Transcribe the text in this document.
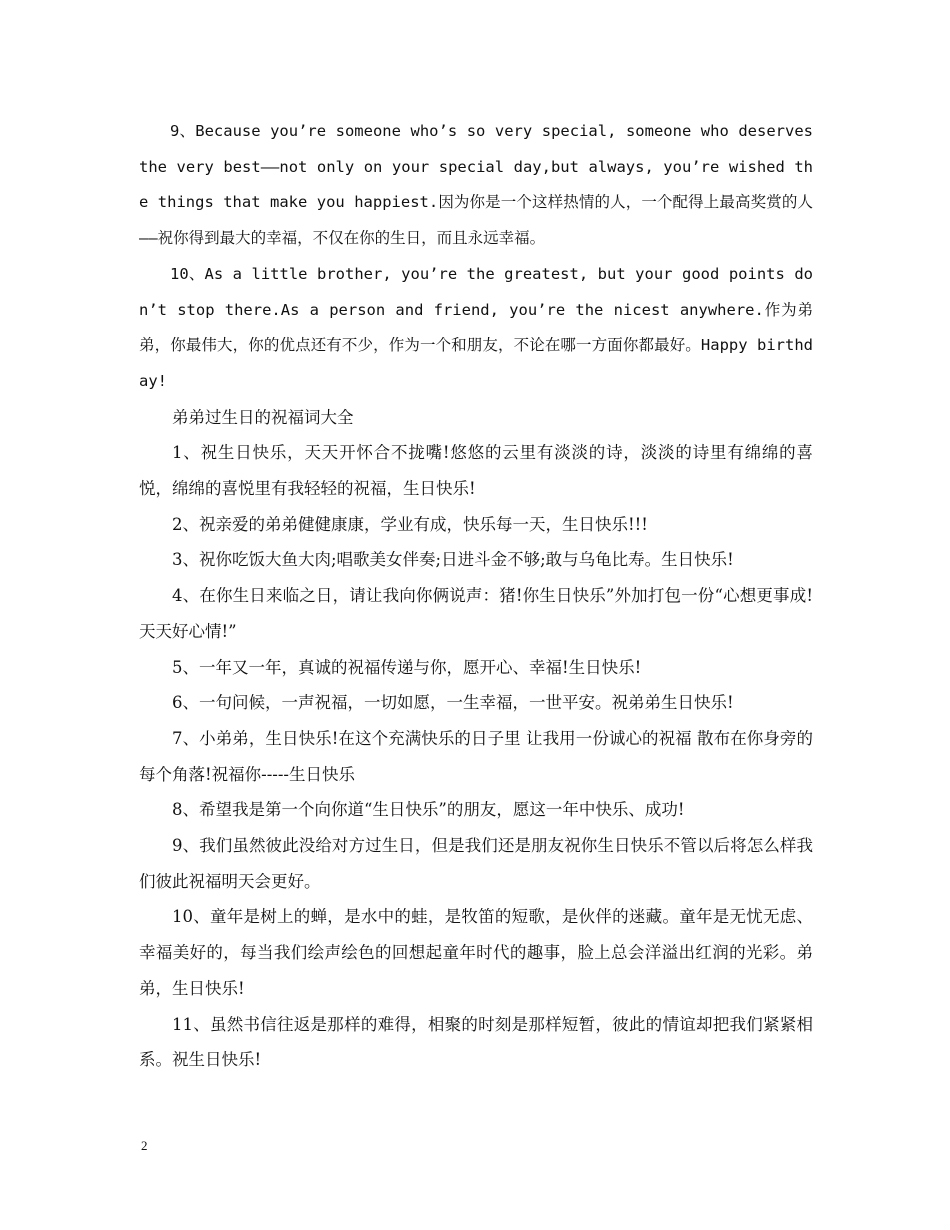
9、Because you’re someone who’s so very special, someone who deserves the very best——not only on your special day,but always, you’re wished the things that make you happiest.因为你是一个这样热情的人，一个配得上最高奖赏的人——祝你得到最大的幸福，不仅在你的生日，而且永远幸福。

10、As a little brother, you’re the greatest, but your good points don’t stop there.As a person and friend, you’re the nicest anywhere.作为弟弟，你最伟大，你的优点还有不少，作为一个和朋友，不论在哪一方面你都最好。Happy birthday!

弟弟过生日的祝福词大全

1、祝生日快乐，天天开怀合不拢嘴!悠悠的云里有淡淡的诗，淡淡的诗里有绵绵的喜悦，绵绵的喜悦里有我轻轻的祝福，生日快乐!

2、祝亲爱的弟弟健健康康，学业有成，快乐每一天，生日快乐!!!

3、祝你吃饭大鱼大肉;唱歌美女伴奏;日进斗金不够;敢与乌龟比寿。生日快乐!

4、在你生日来临之日，请让我向你俩说声：猪!你生日快乐”外加打包一份“心想更事成!天天好心情!”

5、一年又一年，真诚的祝福传递与你，愿开心、幸福!生日快乐!

6、一句问候，一声祝福，一切如愿，一生幸福，一世平安。祝弟弟生日快乐!

7、小弟弟，生日快乐!在这个充满快乐的日子里 让我用一份诚心的祝福 散布在你身旁的每个角落!祝福你-----生日快乐

8、希望我是第一个向你道“生日快乐”的朋友，愿这一年中快乐、成功!

9、我们虽然彼此没给对方过生日，但是我们还是朋友祝你生日快乐不管以后将怎么样我们彼此祝福明天会更好。

10、童年是树上的蝉，是水中的蛙，是牧笛的短歌，是伙伴的迷藏。童年是无忧无虑、幸福美好的，每当我们绘声绘色的回想起童年时代的趣事，脸上总会洋溢出红润的光彩。弟弟，生日快乐!

11、虽然书信往返是那样的难得，相聚的时刻是那样短暂，彼此的情谊却把我们紧紧相系。祝生日快乐!

2
